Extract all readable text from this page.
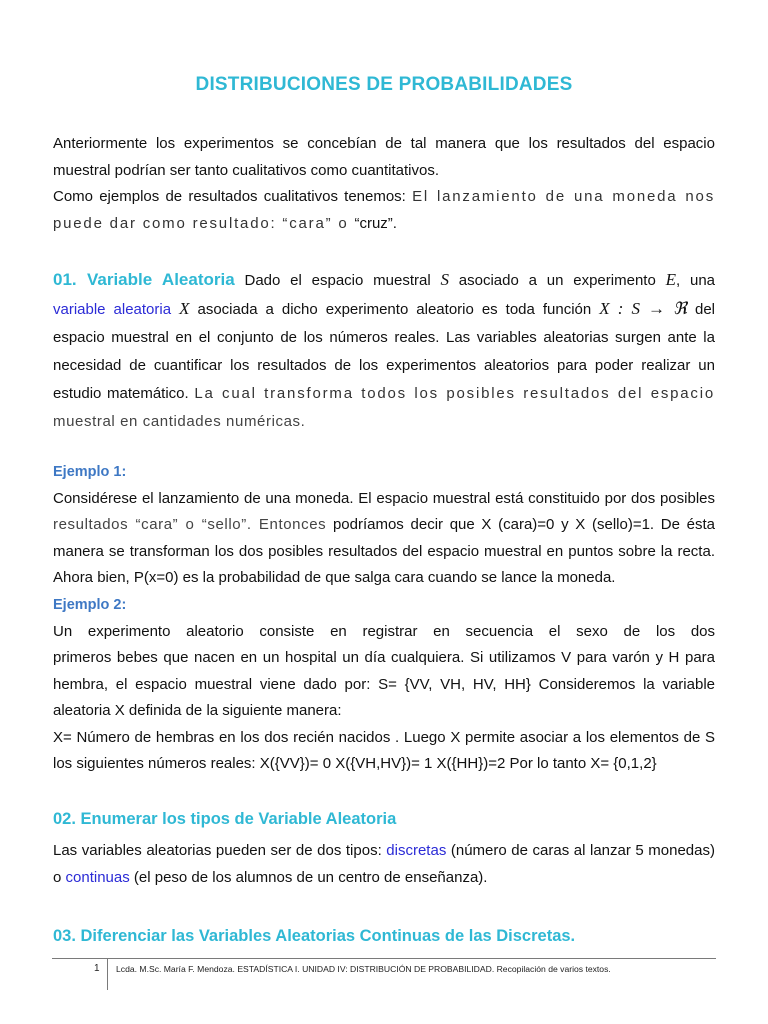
DISTRIBUCIONES DE PROBABILIDADES
Anteriormente los experimentos se concebían de tal manera que los resultados del espacio
muestral podrían ser tanto cualitativos como cuantitativos.
Como ejemplos de resultados cualitativos tenemos: El lanzamiento de una moneda nos
puede dar como resultado: “cara” o “cruz”.
01. Variable Aleatoria Dado el espacio muestral S asociado a un experimento E, una
variable aleatoria X asociada a dicho experimento aleatorio es toda función X : S → ℜ del
espacio muestral en el conjunto de los números reales. Las variables aleatorias surgen ante la
necesidad de cuantificar los resultados de los experimentos aleatorios para poder realizar un
estudio matemático. La cual transforma todos los posibles resultados del espacio
muestral en cantidades numéricas.
Ejemplo 1:
Considérese el lanzamiento de una moneda. El espacio muestral está constituido por dos posibles
resultados “cara” o “sello”. Entonces podríamos decir que X (cara)=0 y X (sello)=1. De ésta
manera se transforman los dos posibles resultados del espacio muestral en puntos sobre la recta.
Ahora bien, P(x=0) es la probabilidad de que salga cara cuando se lance la moneda.
Ejemplo 2:
Un experimento aleatorio consiste en registrar en secuencia el sexo de los dos
primeros bebes que nacen en un hospital un día cualquiera. Si utilizamos V para varón y H para
hembra, el espacio muestral viene dado por: S= {VV, VH, HV, HH} Consideremos la variable
aleatoria X definida de la siguiente manera:
X= Número de hembras en los dos recién nacidos . Luego X permite asociar a los elementos de S
los siguientes números reales: X({VV})= 0 X({VH,HV})= 1 X({HH})=2 Por lo tanto X= {0,1,2}
02. Enumerar los tipos de Variable Aleatoria
Las variables aleatorias pueden ser de dos tipos: discretas (número de caras al lanzar 5 monedas)
o continuas (el peso de los alumnos de un centro de enseñanza).
03. Diferenciar las Variables Aleatorias Continuas de las Discretas.
1 Lcda. M.Sc. María F. Mendoza. ESTADÍSTICA I. UNIDAD IV: DISTRIBUCIÓN DE PROBABILIDAD. Recopilación de varios textos.
